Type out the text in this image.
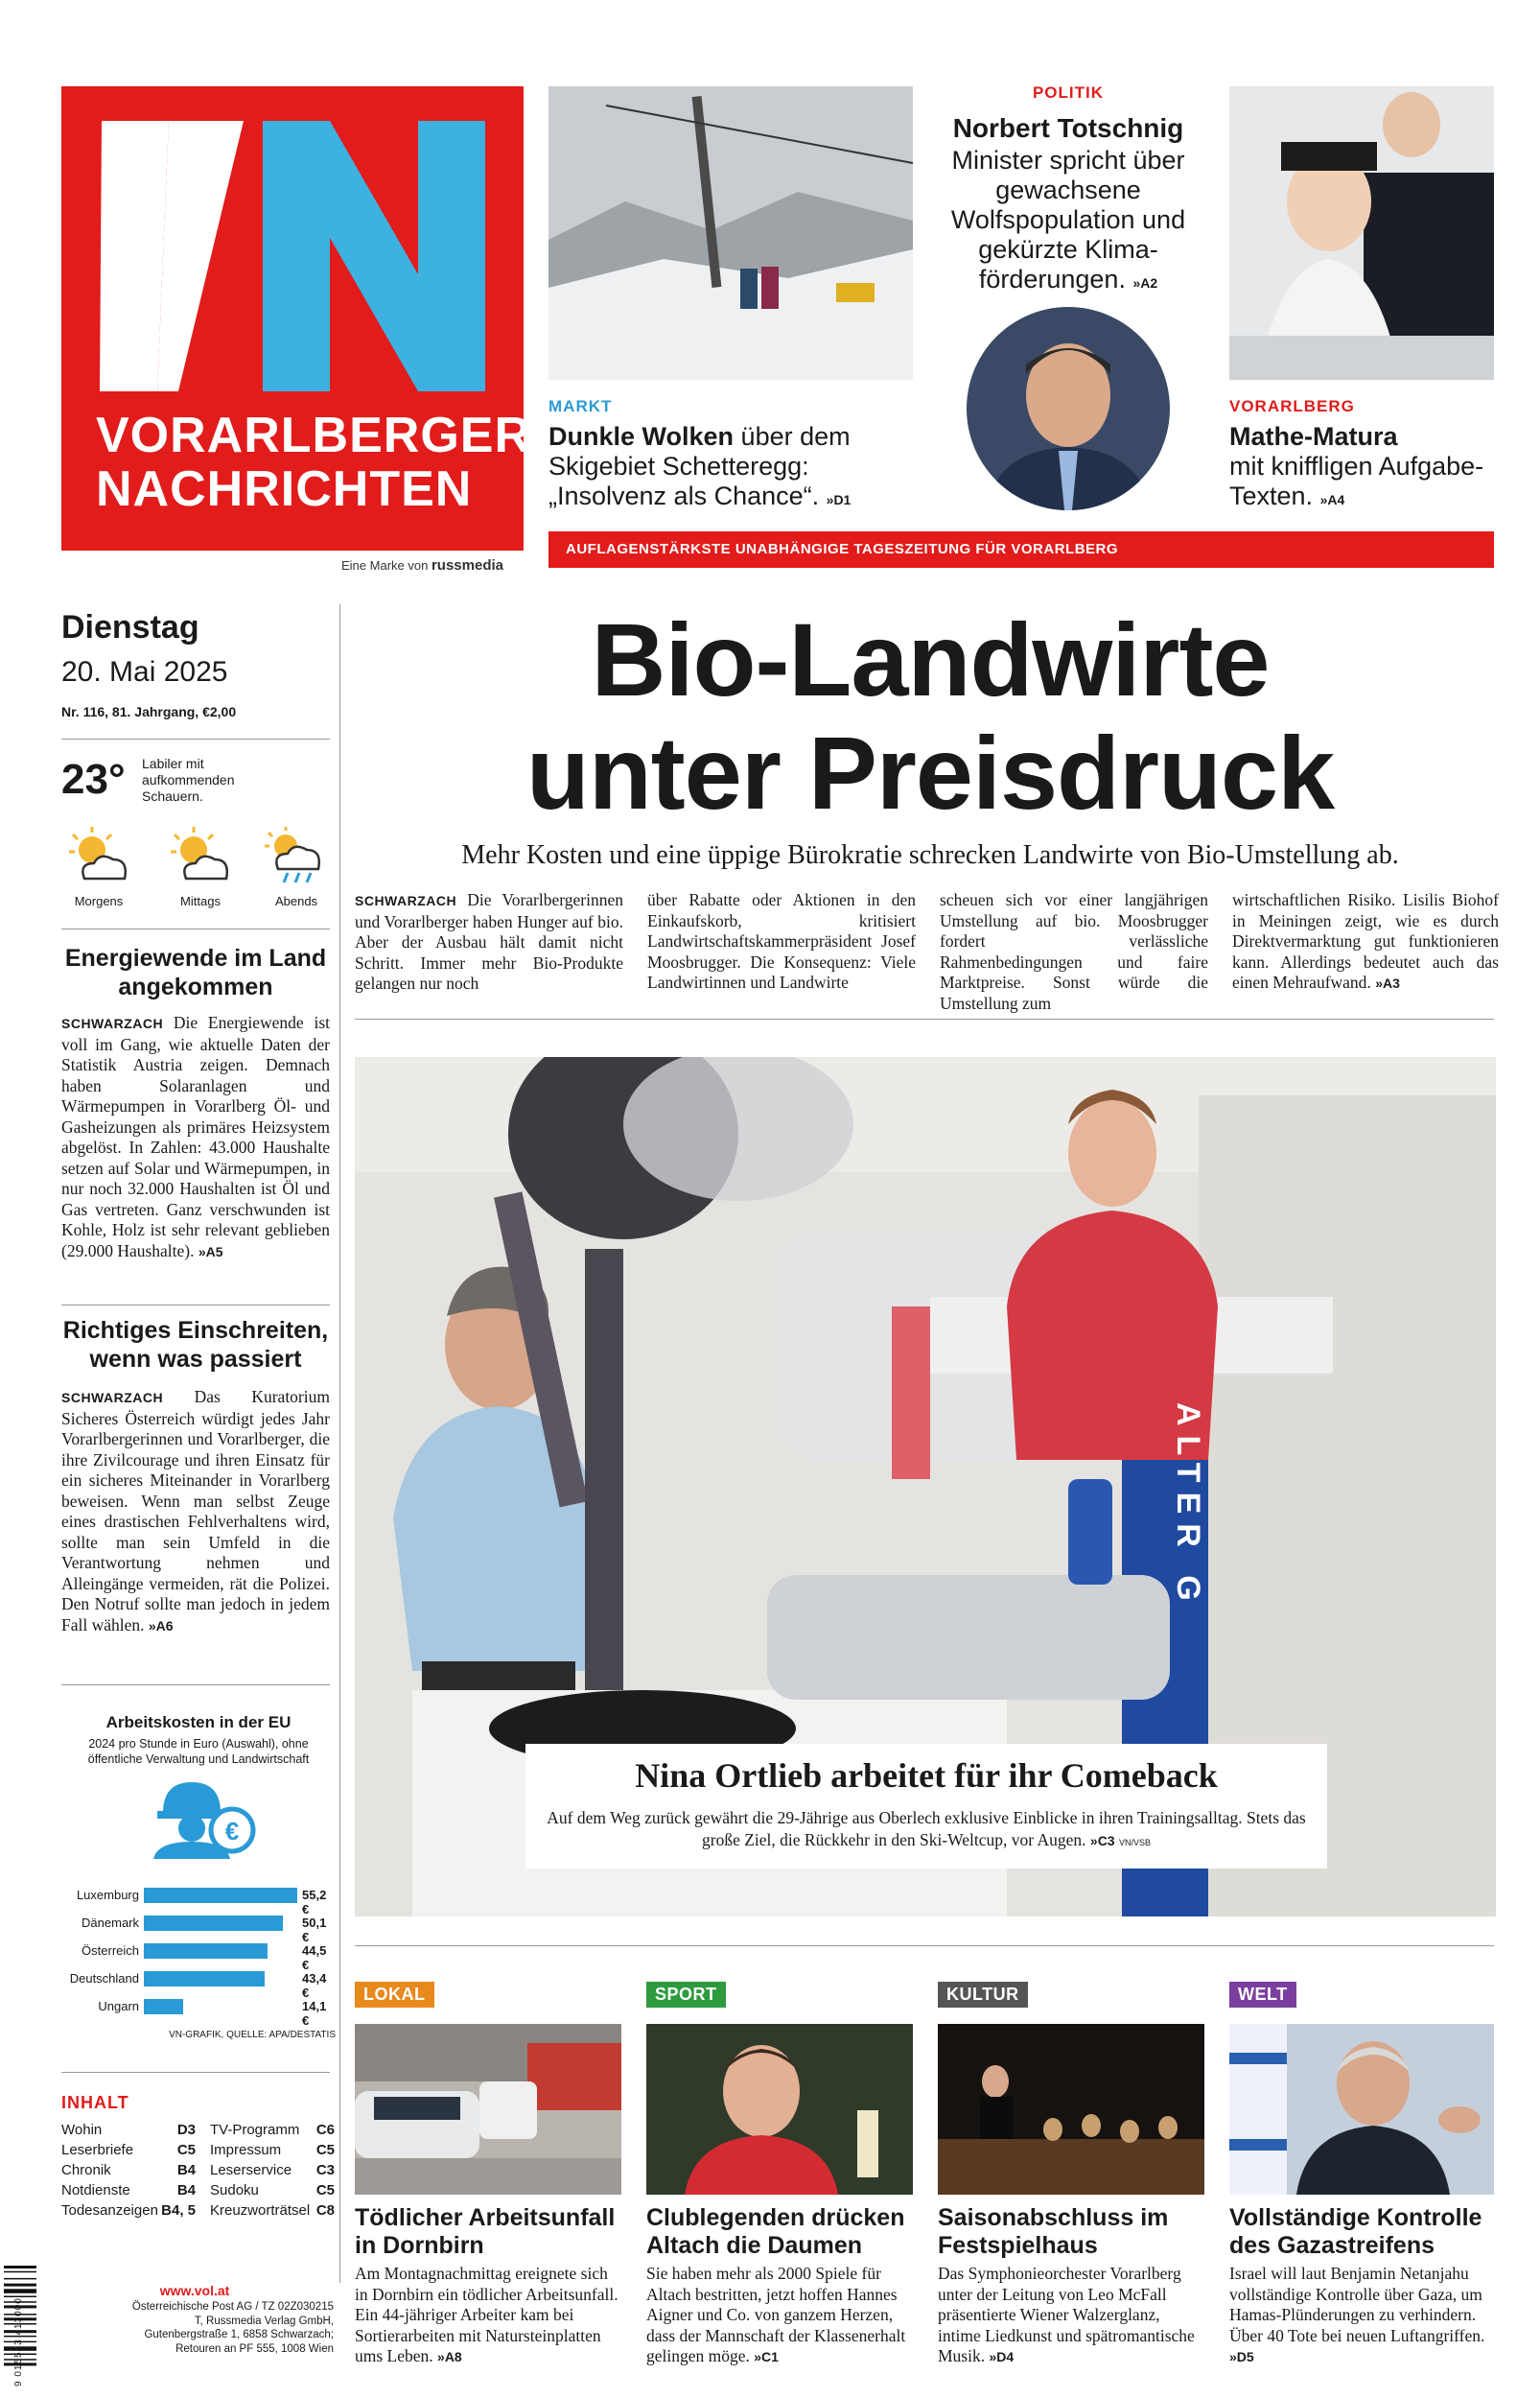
VORARLBERGER
NACHRICHTEN
Eine Marke von russmedia
MARKT
Dunkle Wolken über dem Skigebiet Schetteregg: „Insolvenz als Chance“. »D1
POLITIK
Norbert Totschnig
Minister spricht über gewachsene Wolfspopulation und gekürzte Klima-förderungen. »A2
VORARLBERG
Mathe-Matura
mit kniffligen Aufgabe-Texten. »A4
AUFLAGENSTÄRKSTE UNABHÄNGIGE TAGESZEITUNG FÜR VORARLBERG
Dienstag
20. Mai 2025
Nr. 116, 81. Jahrgang, €2,00
23° Labiler mit aufkommenden Schauern.
Morgens	Mittags	Abends
Energiewende im Land angekommen
SCHWARZACH Die Energiewende ist voll im Gang, wie aktuelle Daten der Statistik Austria zeigen. Demnach haben Solaranlagen und Wärmepumpen in Vorarlberg Öl- und Gasheizungen als primäres Heizsystem abgelöst. In Zahlen: 43.000 Haushalte setzen auf Solar und Wärmepumpen, in nur noch 32.000 Haushalten ist Öl und Gas vertreten. Ganz verschwunden ist Kohle, Holz ist sehr relevant geblieben (29.000 Haushalte). »A5
Richtiges Einschreiten, wenn was passiert
SCHWARZACH Das Kuratorium Sicheres Österreich würdigt jedes Jahr Vorarlbergerinnen und Vorarlberger, die ihre Zivilcourage und ihren Einsatz für ein sicheres Miteinander in Vorarlberg beweisen. Wenn man selbst Zeuge eines drastischen Fehlverhaltens wird, sollte man sein Umfeld in die Verantwortung nehmen und Alleingänge vermeiden, rät die Polizei. Den Notruf sollte man jedoch in jedem Fall wählen. »A6
Arbeitskosten in der EU
2024 pro Stunde in Euro (Auswahl), ohne öffentliche Verwaltung und Landwirtschaft
€
Luxemburg	55,2 €
Dänemark	50,1 €
Österreich	44,5 €
Deutschland	43,4 €
Ungarn	14,1 €
VN-GRAFIK, QUELLE: APA/DESTATIS
INHALT
Wohin	D3
Leserbriefe	C5
Chronik	B4
Notdienste	B4
Todesanzeigen B4, 5
TV-Programm C6
Impressum C5
Leserservice C3
Sudoku	C5
Kreuzworträtsel C8
9 015543 413000
www.vol.at
Österreichische Post AG / TZ 02Z030215 T, Russmedia Verlag GmbH, Gutenbergstraße 1, 6858 Schwarzach; Retouren an PF 555, 1008 Wien
Bio-Landwirte
unter Preisdruck
Mehr Kosten und eine üppige Bürokratie schrecken Landwirte von Bio-Umstellung ab.
SCHWARZACH Die Vorarlbergerinnen und Vorarlberger haben Hunger auf bio. Aber der Ausbau hält damit nicht Schritt. Immer mehr Bio-Produkte gelangen nur noch
über Rabatte oder Aktionen in den Einkaufskorb, kritisiert Landwirtschaftskammerpräsident Josef Moosbrugger. Die Konsequenz: Viele Landwirtinnen und Landwirte
scheuen sich vor einer langjährigen Umstellung auf bio. Moosbrugger fordert verlässliche Rahmenbedingungen und faire Marktpreise. Sonst würde die Umstellung zum
wirtschaftlichen Risiko. Lisilis Biohof in Meiningen zeigt, wie es durch Direktvermarktung gut funktionieren kann. Allerdings bedeutet auch das einen Mehraufwand. »A3
ALTER G
Nina Ortlieb arbeitet für ihr Comeback
Auf dem Weg zurück gewährt die 29-Jährige aus Oberlech exklusive Einblicke in ihren Trainingsalltag. Stets das große Ziel, die Rückkehr in den Ski-Weltcup, vor Augen. »C3 VN/VSB
LOKAL
Tödlicher Arbeitsunfall in Dornbirn
Am Montagnachmittag ereignete sich in Dornbirn ein tödlicher Arbeitsunfall. Ein 44-jähriger Arbeiter kam bei Sortierarbeiten mit Natursteinplatten ums Leben. »A8
SPORT
Clublegenden drücken Altach die Daumen
Sie haben mehr als 2000 Spiele für Altach bestritten, jetzt hoffen Hannes Aigner und Co. von ganzem Herzen, dass der Mannschaft der Klassenerhalt gelingen möge. »C1
KULTUR
Saisonabschluss im Festspielhaus
Das Symphonieorchester Vorarlberg unter der Leitung von Leo McFall präsentierte Wiener Walzerglanz, intime Liedkunst und spätromantische Musik. »D4
WELT
Vollständige Kontrolle des Gazastreifens
Israel will laut Benjamin Netanjahu vollständige Kontrolle über Gaza, um Hamas-Plünderungen zu verhindern. Über 40 Tote bei neuen Luftangriffen. »D5
